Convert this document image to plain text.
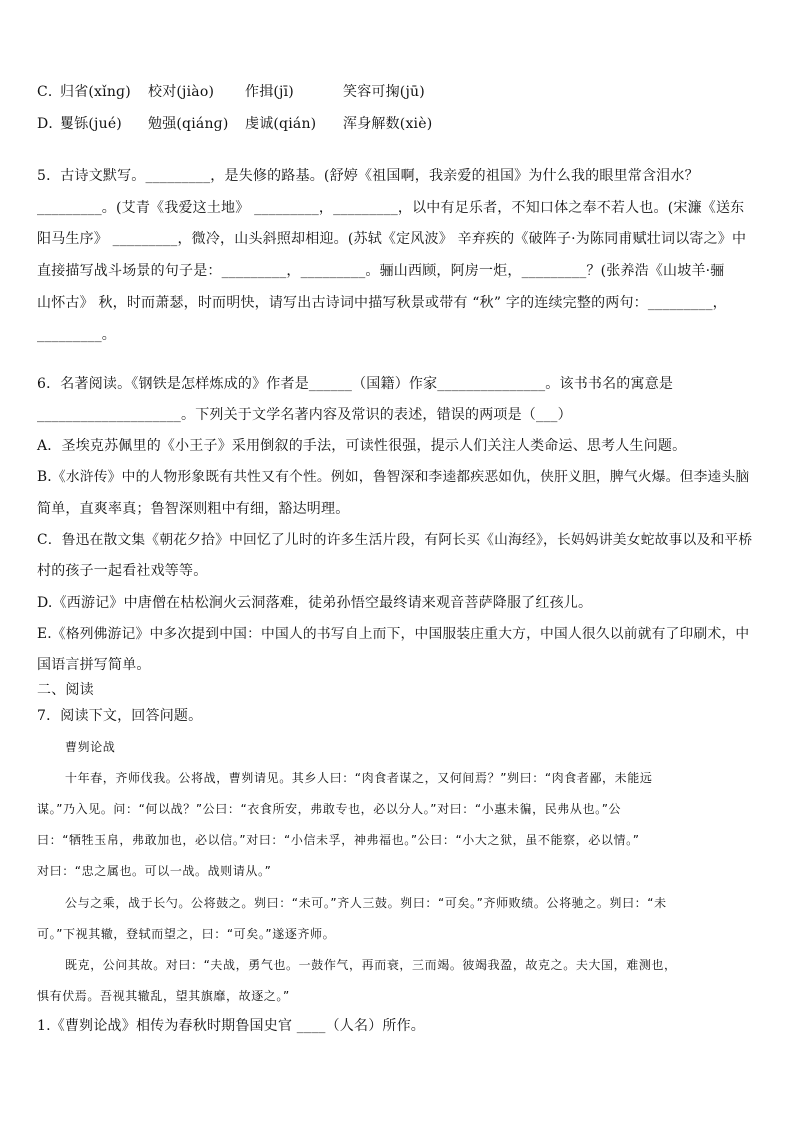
C．
归省(xǐnɡ) 校对(jiào) 作揖(jī)	笑容可掬(jū)
D．
矍铄(jué) 勉强(qiánɡ) 虔诚(qián) 浑身解数(xiè)
5．古诗文默写。_________，是失修的路基。(舒婷《祖国啊，我亲爱的祖国》为什么我的眼里常含泪水？
_________。(艾青《我爱这土地》 _________，_________，以中有足乐者，不知口体之奉不若人也。(宋濂《送东
阳马生序》 _________，微冷，山头斜照却相迎。(苏轼《定风波》 辛弃疾的《破阵子·为陈同甫赋壮词以寄之》中
直接描写战斗场景的句子是：_________，_________。骊山西顾，阿房一炬，_________？(张养浩《山坡羊·骊
山怀古》 秋，时而萧瑟，时而明快，请写出古诗词中描写秋景或带有 “秋” 字的连续完整的两句：_________，
_________。
6．名著阅读。《钢铁是怎样炼成的》作者是______（国籍）作家_______________。该书书名的寓意是
____________________。下列关于文学名著内容及常识的表述，错误的两项是（___）
A．圣埃克苏佩里的《小王子》采用倒叙的手法，可读性很强，提示人们关注人类命运、思考人生问题。
B.《水浒传》中的人物形象既有共性又有个性。例如，鲁智深和李逵都疾恶如仇，侠肝义胆，脾气火爆。但李逵头脑
简单，直爽率真；鲁智深则粗中有细，豁达明理。
C．鲁迅在散文集《朝花夕拾》中回忆了儿时的许多生活片段，有阿长买《山海经》，长妈妈讲美女蛇故事以及和平桥
村的孩子一起看社戏等等。
D.《西游记》中唐僧在枯松涧火云洞落难，徒弟孙悟空最终请来观音菩萨降服了红孩儿。
E.《格列佛游记》中多次提到中国：中国人的书写自上而下，中国服装庄重大方，中国人很久以前就有了印刷术，中
国语言拼写简单。
二、阅读
7．阅读下文，回答问题。
曹刿论战
十年春，齐师伐我。公将战，曹刿请见。其乡人曰：“肉食者谋之，又何间焉？”刿曰：“肉食者鄙，未能远
谋。”乃入见。问：“何以战？”公曰：“衣食所安，弗敢专也，必以分人。”对曰：“小惠未徧，民弗从也。”公
曰：“牺牲玉帛，弗敢加也，必以信。”对曰：“小信未孚，神弗福也。”公曰：“小大之狱，虽不能察，必以情。”
对曰：“忠之属也。可以一战。战则请从。”
公与之乘，战于长勺。公将鼓之。刿曰：“未可。”齐人三鼓。刿曰：“可矣。”齐师败绩。公将驰之。刿曰：“未
可。”下视其辙，登轼而望之，曰：“可矣。”遂逐齐师。
既克，公问其故。对曰：“夫战，勇气也。一鼓作气，再而衰，三而竭。彼竭我盈，故克之。夫大国，难测也，
惧有伏焉。吾视其辙乱，望其旗靡，故逐之。”
1.《曹刿论战》相传为春秋时期鲁国史官 ____（人名）所作。
